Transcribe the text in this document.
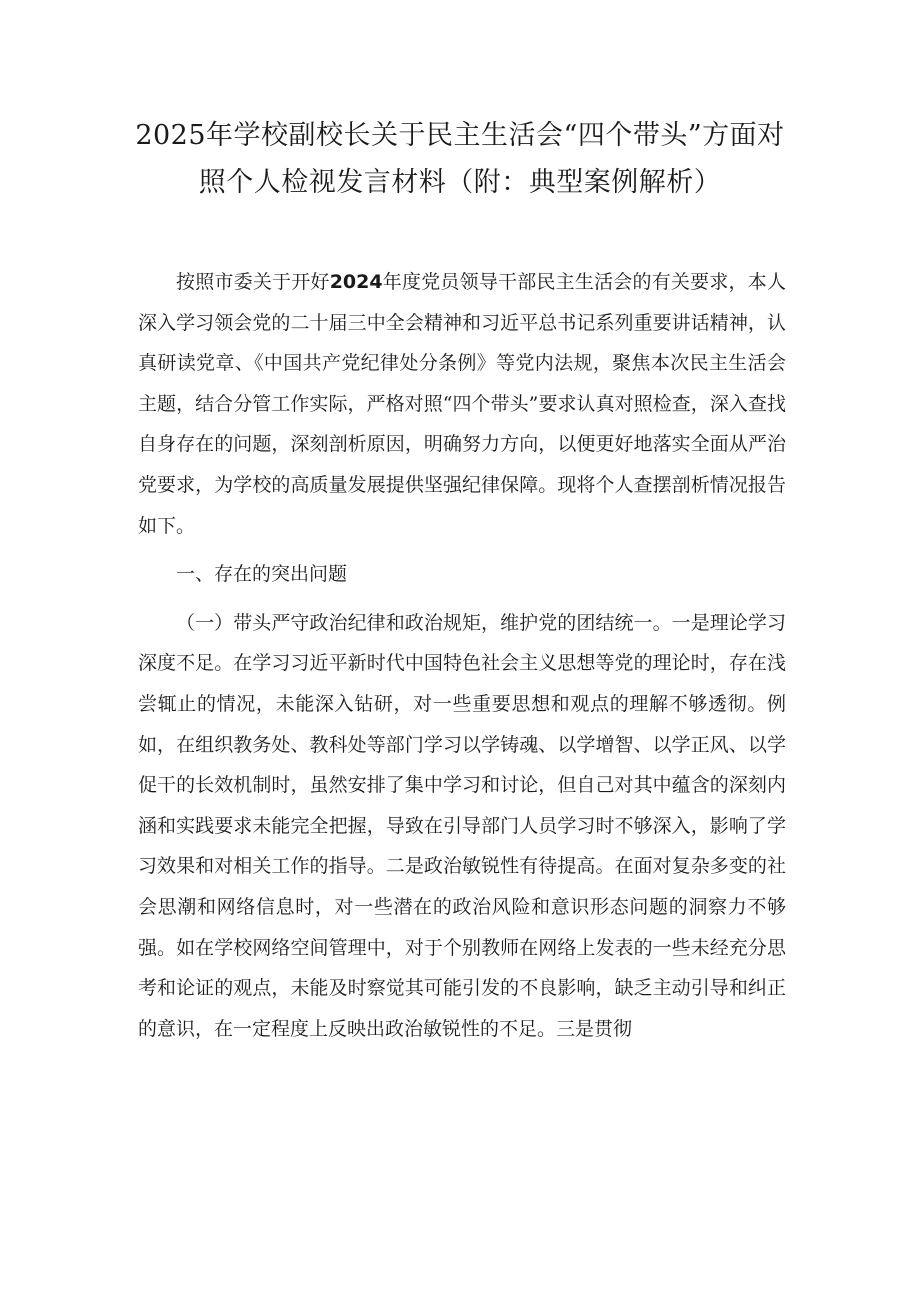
2025年学校副校长关于民主生活会“四个带头”方面对
照个人检视发言材料（附：典型案例解析）

按照市委关于开好2024年度党员领导干部民主生活会的有关要求，本人深入学习领会党的二十届三中全会精神和习近平总书记系列重要讲话精神，认真研读党章、《中国共产党纪律处分条例》等党内法规，聚焦本次民主生活会主题，结合分管工作实际，严格对照“四个带头”要求认真对照检查，深入查找自身存在的问题，深刻剖析原因，明确努力方向，以便更好地落实全面从严治党要求，为学校的高质量发展提供坚强纪律保障。现将个人查摆剖析情况报告如下。

一、存在的突出问题

（一）带头严守政治纪律和政治规矩，维护党的团结统一。一是理论学习深度不足。在学习习近平新时代中国特色社会主义思想等党的理论时，存在浅尝辄止的情况，未能深入钻研，对一些重要思想和观点的理解不够透彻。例如，在组织教务处、教科处等部门学习以学铸魂、以学增智、以学正风、以学促干的长效机制时，虽然安排了集中学习和讨论，但自己对其中蕴含的深刻内涵和实践要求未能完全把握，导致在引导部门人员学习时不够深入，影响了学习效果和对相关工作的指导。二是政治敏锐性有待提高。在面对复杂多变的社会思潮和网络信息时，对一些潜在的政治风险和意识形态问题的洞察力不够强。如在学校网络空间管理中，对于个别教师在网络上发表的一些未经充分思考和论证的观点，未能及时察觉其可能引发的不良影响，缺乏主动引导和纠正的意识，在一定程度上反映出政治敏锐性的不足。三是贯彻
